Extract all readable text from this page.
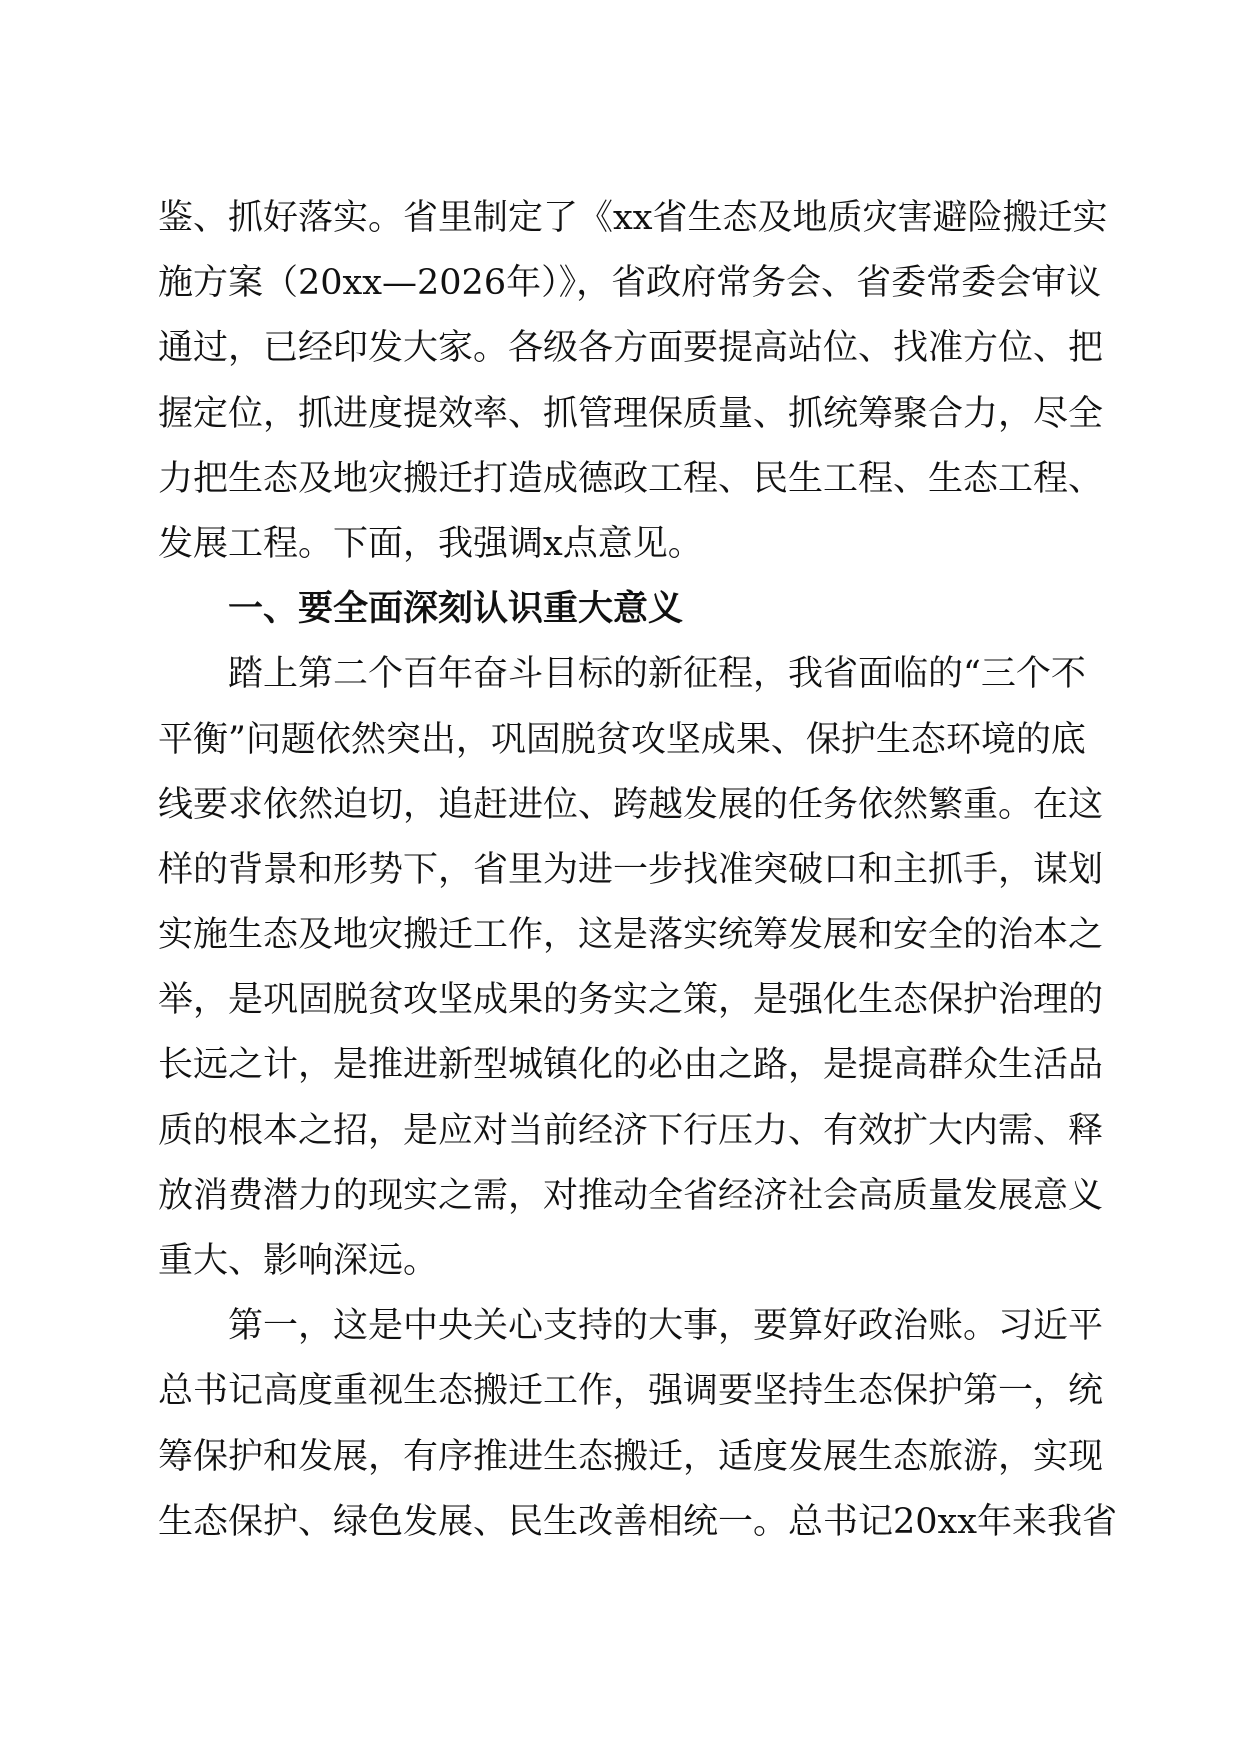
鉴、抓好落实。省里制定了《xx省生态及地质灾害避险搬迁实
施方案（20xx—2026年）》，省政府常务会、省委常委会审议
通过，已经印发大家。各级各方面要提高站位、找准方位、把
握定位，抓进度提效率、抓管理保质量、抓统筹聚合力，尽全
力把生态及地灾搬迁打造成德政工程、民生工程、生态工程、
发展工程。下面，我强调x点意见。
一、要全面深刻认识重大意义
踏上第二个百年奋斗目标的新征程，我省面临的“三个不
平衡”问题依然突出，巩固脱贫攻坚成果、保护生态环境的底
线要求依然迫切，追赶进位、跨越发展的任务依然繁重。在这
样的背景和形势下，省里为进一步找准突破口和主抓手，谋划
实施生态及地灾搬迁工作，这是落实统筹发展和安全的治本之
举，是巩固脱贫攻坚成果的务实之策，是强化生态保护治理的
长远之计，是推进新型城镇化的必由之路，是提高群众生活品
质的根本之招，是应对当前经济下行压力、有效扩大内需、释
放消费潜力的现实之需，对推动全省经济社会高质量发展意义
重大、影响深远。
第一，这是中央关心支持的大事，要算好政治账。习近平
总书记高度重视生态搬迁工作，强调要坚持生态保护第一，统
筹保护和发展，有序推进生态搬迁，适度发展生态旅游，实现
生态保护、绿色发展、民生改善相统一。总书记20xx年来我省
